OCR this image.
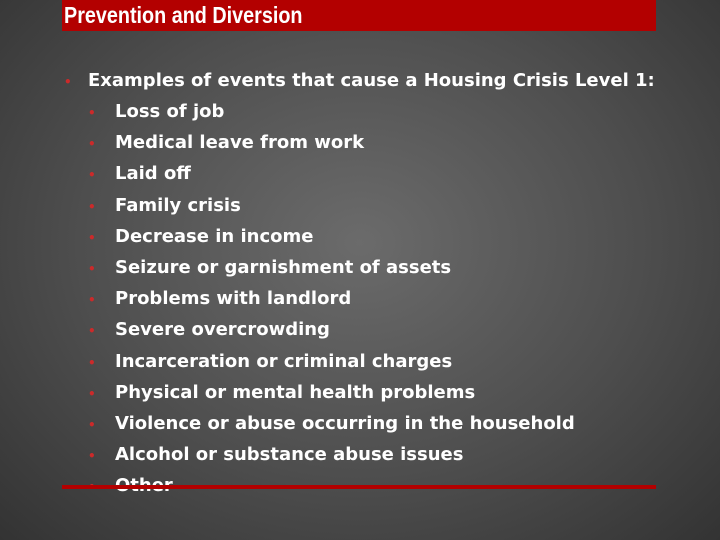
Prevention and Diversion
• Examples of events that cause a Housing Crisis Level 1:
•	Loss of job
•	Medical leave from work
•	Laid off
•	Family crisis
•	Decrease in income
•	Seizure or garnishment of assets
•	Problems with landlord
•	Severe overcrowding
•	Incarceration or criminal charges
•	Physical or mental health problems
•	Violence or abuse occurring in the household
•	Alcohol or substance abuse issues
